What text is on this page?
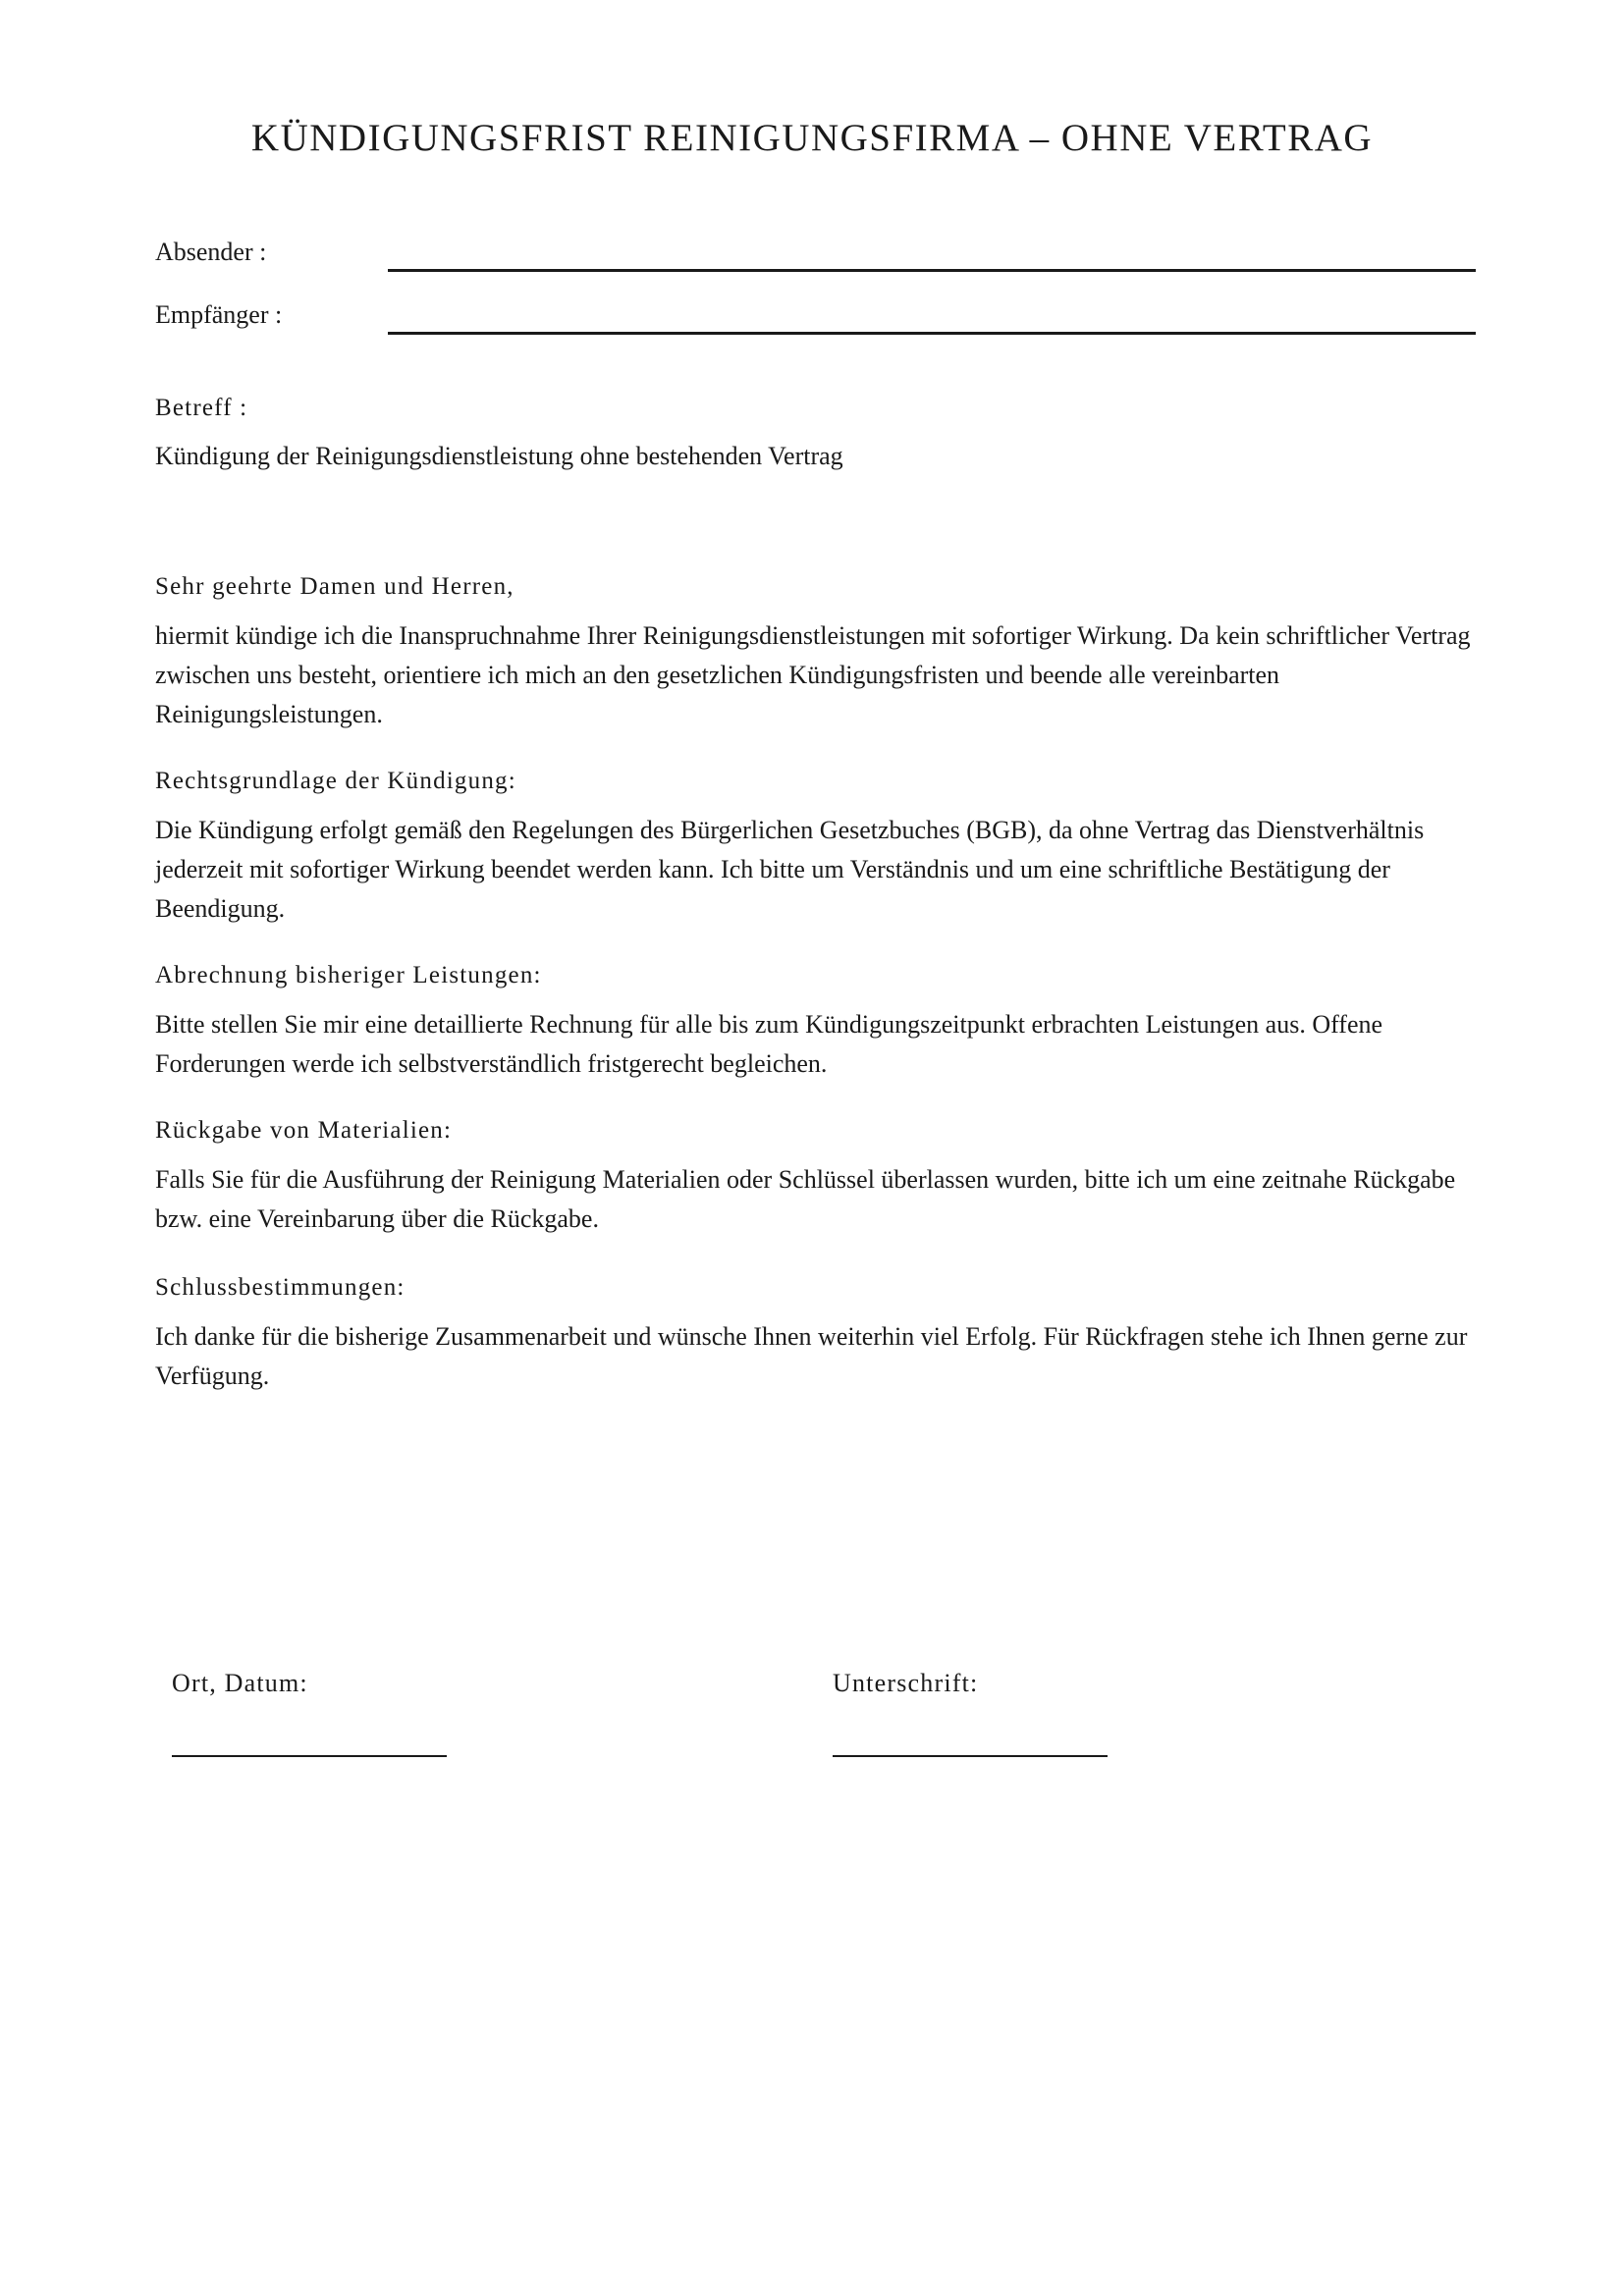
KÜNDIGUNGSFRIST REINIGUNGSFIRMA – OHNE VERTRAG
Absender :
Empfänger :

Betreff :

Kündigung der Reinigungsdienstleistung ohne bestehenden Vertrag

Sehr geehrte Damen und Herren,

hiermit kündige ich die Inanspruchnahme Ihrer Reinigungsdienstleistungen mit sofortiger Wirkung. Da kein schriftlicher Vertrag zwischen uns besteht, orientiere ich mich an den gesetzlichen Kündigungsfristen und beende alle vereinbarten Reinigungsleistungen.

Rechtsgrundlage der Kündigung:

Die Kündigung erfolgt gemäß den Regelungen des Bürgerlichen Gesetzbuches (BGB), da ohne Vertrag das Dienstverhältnis jederzeit mit sofortiger Wirkung beendet werden kann. Ich bitte um Verständnis und um eine schriftliche Bestätigung der Beendigung.

Abrechnung bisheriger Leistungen:

Bitte stellen Sie mir eine detaillierte Rechnung für alle bis zum Kündigungszeitpunkt erbrachten Leistungen aus. Offene Forderungen werde ich selbstverständlich fristgerecht begleichen.

Rückgabe von Materialien:

Falls Sie für die Ausführung der Reinigung Materialien oder Schlüssel überlassen wurden, bitte ich um eine zeitnahe Rückgabe bzw. eine Vereinbarung über die Rückgabe.

Schlussbestimmungen:

Ich danke für die bisherige Zusammenarbeit und wünsche Ihnen weiterhin viel Erfolg. Für Rückfragen stehe ich Ihnen gerne zur Verfügung.

Ort, Datum:	Unterschrift:
